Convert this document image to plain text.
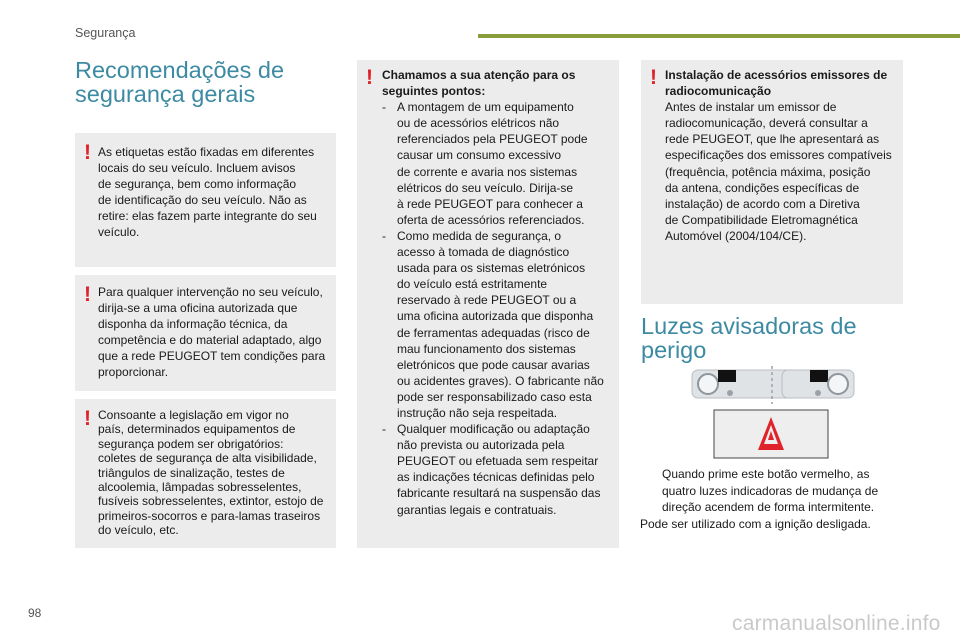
Segurança
Recomendações de
segurança gerais
! As etiquetas estão fixadas em diferentes

locais do seu veículo. Incluem avisos

de segurança, bem como informação

de identificação do seu veículo. Não as

retire: elas fazem parte integrante do seu

veículo.

! Para qualquer intervenção no seu veículo,

dirija-se a uma oficina autorizada que

disponha da informação técnica, da

competência e do material adaptado, algo

que a rede PEUGEOT tem condições para

proporcionar.

! Consoante a legislação em vigor no

país, determinados equipamentos de

segurança podem ser obrigatórios:

coletes de segurança de alta visibilidade,

triângulos de sinalização, testes de

alcoolemia, lâmpadas sobresselentes,

fusíveis sobresselentes, extintor, estojo de

primeiros-socorros e para-lamas traseiros

do veículo, etc.

! Chamamos a sua atenção para os

seguintes pontos:

- A montagem de um equipamento

ou de acessórios elétricos não

referenciados pela PEUGEOT pode

causar um consumo excessivo

de corrente e avaria nos sistemas

elétricos do seu veículo. Dirija-se

à rede PEUGEOT para conhecer a

oferta de acessórios referenciados.

- Como medida de segurança, o

acesso à tomada de diagnóstico

usada para os sistemas eletrónicos

do veículo está estritamente

reservado à rede PEUGEOT ou a

uma oficina autorizada que disponha

de ferramentas adequadas (risco de

mau funcionamento dos sistemas

eletrónicos que pode causar avarias

ou acidentes graves). O fabricante não

pode ser responsabilizado caso esta

instrução não seja respeitada.

- Qualquer modificação ou adaptação

não prevista ou autorizada pela

PEUGEOT ou efetuada sem respeitar

as indicações técnicas definidas pelo

fabricante resultará na suspensão das

garantias legais e contratuais.

! Instalação de acessórios emissores de

radiocomunicação

Antes de instalar um emissor de

radiocomunicação, deverá consultar a

rede PEUGEOT, que lhe apresentará as

especificações dos emissores compatíveis

(frequência, potência máxima, posição

da antena, condições específicas de

instalação) de acordo com a Diretiva

de Compatibilidade Eletromagnética

Automóvel (2004/104/CE).

Luzes avisadoras de
perigo

Quando prime este botão vermelho, as

quatro luzes indicadoras de mudança de

direção acendem de forma intermitente.

Pode ser utilizado com a ignição desligada.

98	carmanualsonline.info
